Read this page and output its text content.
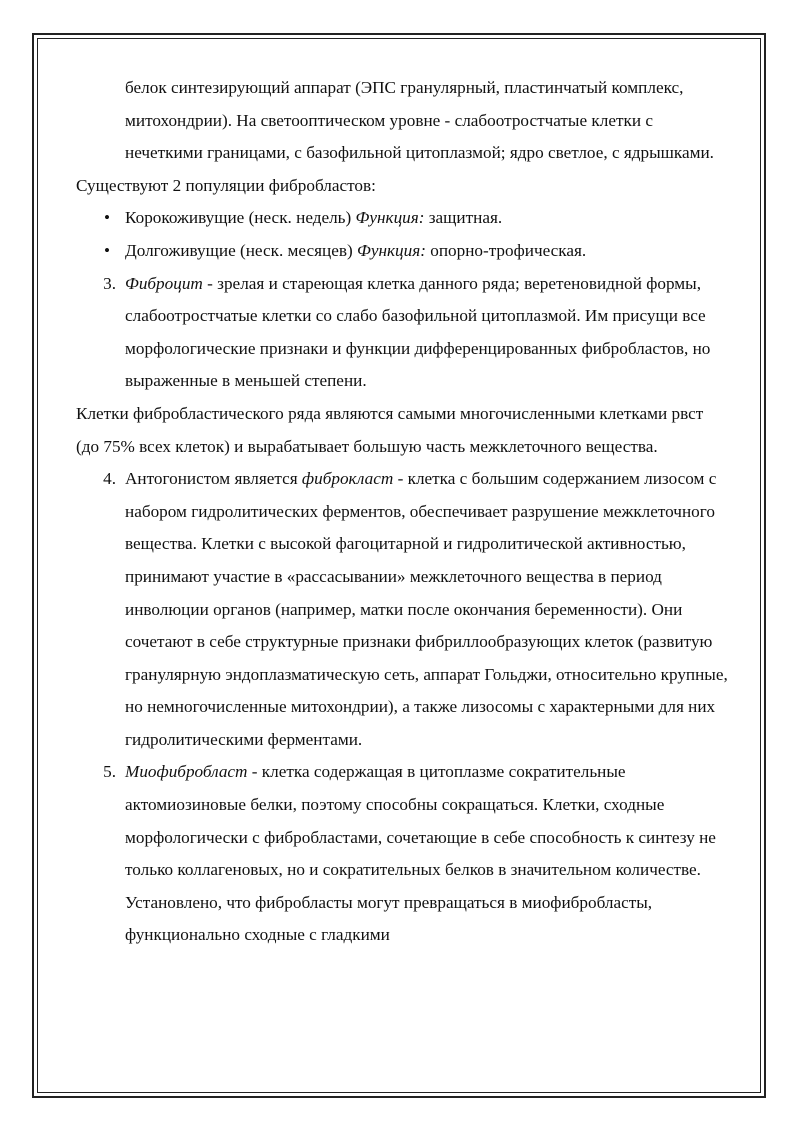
белок синтезирующий аппарат (ЭПС гранулярный, пластинчатый комплекс, митохондрии). На светооптическом уровне - слабоотростчатые клетки с нечеткими границами, с базофильной цитоплазмой; ядро светлое, с ядрышками.

Существуют 2 популяции фибробластов:

• Корокоживущие (неск. недель) Функция: защитная.
• Долгоживущие (неск. месяцев) Функция: опорно-трофическая.
3. Фиброцит - зрелая и стареющая клетка данного ряда; веретеновидной формы, слабоотростчатые клетки со слабо базофильной цитоплазмой. Им присущи все морфологические признаки и функции дифференцированных фибробластов, но выраженные в меньшей степени.

Клетки фибробластического ряда являются самыми многочисленными клетками рвст (до 75% всех клеток) и вырабатывает большую часть межклеточного вещества.

4. Антогонистом является фиброкласт - клетка с большим содержанием лизосом с набором гидролитических ферментов, обеспечивает разрушение межклеточного вещества. Клетки с высокой фагоцитарной и гидролитической активностью, принимают участие в «рассасывании» межклеточного вещества в период инволюции органов (например, матки после окончания беременности). Они сочетают в себе структурные признаки фибриллообразующих клеток (развитую гранулярную эндоплазматическую сеть, аппарат Гольджи, относительно крупные, но немногочисленные митохондрии), а также лизосомы с характерными для них гидролитическими ферментами.
5. Миофибробласт - клетка содержащая в цитоплазме сократительные актомиозиновые белки, поэтому способны сокращаться. Клетки, сходные морфологически с фибробластами, сочетающие в себе способность к синтезу не только коллагеновых, но и сократительных белков в значительном количестве. Установлено, что фибробласты могут превращаться в миофибробласты, функционально сходные с гладкими
